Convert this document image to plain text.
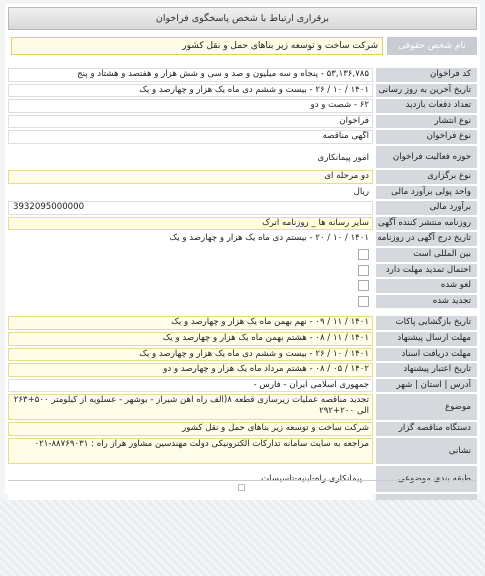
برقراری ارتباط با شخص پاسخگوی فراخوان
نام شخص حقوقی
شرکت ساخت و توسعه زیر بناهای حمل و نقل کشور
کد فراخوان
۵۳,۱۳۶,۷۸۵ - پنجاه و سه میلیون و صد و سی و شش هزار و هفتصد و هشتاد و پنج
تاریخ آخرین به روز رسانی
۱۴۰۱ / ۱۰ / ۲۶ - بیست و ششم دی ماه یک هزار و چهارصد و یک
تعداد دفعات بازدید
۶۲ - شصت و دو
نوع انتشار
فراخوان
نوع فراخوان
آگهی مناقصه
حوزه فعالیت فراخوان
امور پیمانکاری
نوع برگزاری
دو مرحله ای
واحد پولی برآورد مالی
ریال
برآورد مالی
3932095000000
روزنامه منتشر کننده آگهی
سایر رسانه ها _ روزنامه اترک
تاریخ درج آگهی در روزنامه
۱۴۰۱ / ۱۰ / ۲۰ - بیستم دی ماه یک هزار و چهارصد و یک
بین المللی است
احتمال تمدید مهلت دارد
لغو شده
تجدید شده
تاریخ بازگشایی پاکات
۱۴۰۱ / ۱۱ / ۰۹ - نهم بهمن ماه یک هزار و چهارصد و یک
مهلت ارسال پیشنهاد
۱۴۰۱ / ۱۱ / ۰۸ - هشتم بهمن ماه یک هزار و چهارصد و یک
مهلت دریافت اسناد
۱۴۰۱ / ۱۰ / ۲۶ - بیست و ششم دی ماه یک هزار و چهارصد و یک
تاریخ اعتبار پیشنهاد
۱۴۰۲ / ۰۵ / ۰۸ - هشتم مرداد ماه یک هزار و چهارصد و دو
آدرس | استان | شهر
جمهوری اسلامی ایران - فارس -
موضوع
تجدید مناقصه عملیات زیرسازی قطعه ۸(الف راه آهن شیراز - بوشهر - عسلویه از کیلومتر ۵۰۰+۲۶۳ الی ۲۰۰+۲۹۲
دستگاه مناقصه گزار
شرکت ساخت و توسعه زیر بناهای حمل و نقل کشور
نشانی
مراجعه به سایت سامانه تدارکات الکترونیکی دولت مهندسین مشاور هراز راه : ۸۸۷۶۹۰۳۱-۰۲۱
طبقه بندی موضوعی
پیمانکاری راه-ابنیه-تاسیسات
